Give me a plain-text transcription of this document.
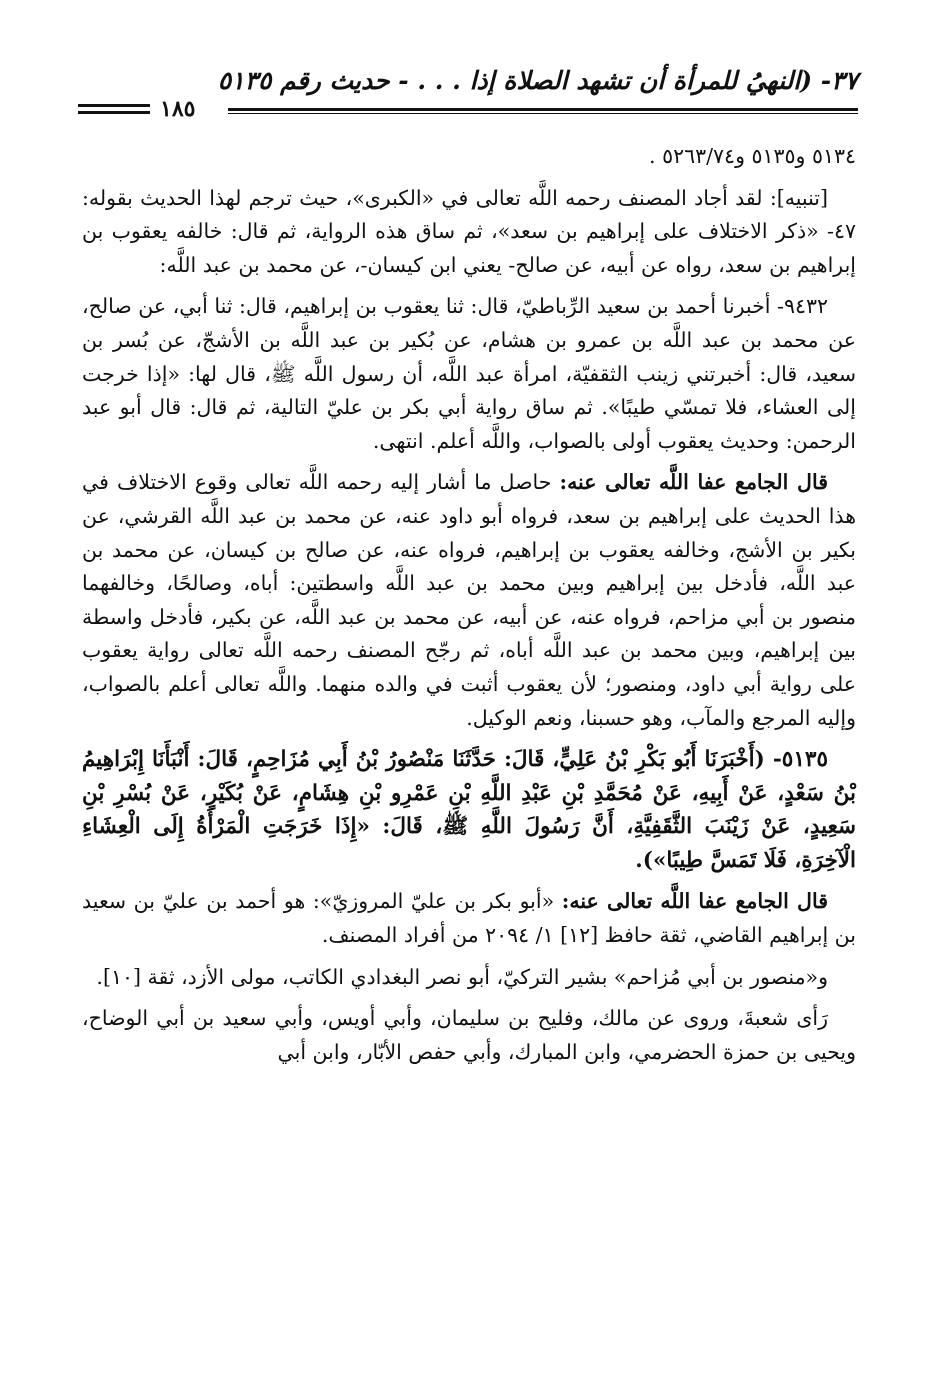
٣٧- (النهيُ للمرأة أن تشهد الصلاة إذا . . . - حديث رقم ٥١٣٥
١٨٥

٥١٣٤ و٥١٣٥ و٥٢٦٣/٧٤ .

[تنبيه]: لقد أجاد المصنف رحمه اللَّه تعالى في «الكبرى»، حيث ترجم لهذا الحديث بقوله: ٤٧- «ذكر الاختلاف على إبراهيم بن سعد»، ثم ساق هذه الرواية، ثم قال: خالفه يعقوب بن إبراهيم بن سعد، رواه عن أبيه، عن صالح- يعني ابن كيسان-، عن محمد بن عبد اللَّه:

٩٤٣٢- أخبرنا أحمد بن سعيد الرِّباطيّ، قال: ثنا يعقوب بن إبراهيم، قال: ثنا أبي، عن صالح، عن محمد بن عبد اللَّه بن عمرو بن هشام، عن بُكير بن عبد اللَّه بن الأشجّ، عن بُسر بن سعيد، قال: أخبرتني زينب الثقفيّة، امرأة عبد اللَّه، أن رسول اللَّه ﷺ، قال لها: «إذا خرجت إلى العشاء، فلا تمسّي طيبًا». ثم ساق رواية أبي بكر بن عليّ التالية، ثم قال: قال أبو عبد الرحمن: وحديث يعقوب أولى بالصواب، واللَّه أعلم. انتهى.

قال الجامع عفا اللَّه تعالى عنه: حاصل ما أشار إليه رحمه اللَّه تعالى وقوع الاختلاف في هذا الحديث على إبراهيم بن سعد، فرواه أبو داود عنه، عن محمد بن عبد اللَّه القرشي، عن بكير بن الأشج، وخالفه يعقوب بن إبراهيم، فرواه عنه، عن صالح بن كيسان، عن محمد بن عبد اللَّه، فأدخل بين إبراهيم وبين محمد بن عبد اللَّه واسطتين: أباه، وصالحًا، وخالفهما منصور بن أبي مزاحم، فرواه عنه، عن أبيه، عن محمد بن عبد اللَّه، عن بكير، فأدخل واسطة بين إبراهيم، وبين محمد بن عبد اللَّه أباه، ثم رجّح المصنف رحمه اللَّه تعالى رواية يعقوب على رواية أبي داود، ومنصور؛ لأن يعقوب أثبت في والده منهما. واللَّه تعالى أعلم بالصواب، وإليه المرجع والمآب، وهو حسبنا، ونعم الوكيل.

٥١٣٥- (أَخْبَرَنَا أَبُو بَكْرِ بْنُ عَلِيٍّ، قَالَ: حَدَّثَنَا مَنْصُورُ بْنُ أَبِي مُزَاحِمٍ، قَالَ: أَنْبَأَنَا إِبْرَاهِيمُ بْنُ سَعْدٍ، عَنْ أَبِيهِ، عَنْ مُحَمَّدِ بْنِ عَبْدِ اللَّهِ بْنِ عَمْرِو بْنِ هِشَامٍ، عَنْ بُكَيْرٍ، عَنْ بُسْرِ بْنِ سَعِيدٍ، عَنْ زَيْنَبَ الثَّقَفِيَّةِ، أَنَّ رَسُولَ اللَّهِ ﷺ، قَالَ: «إِذَا خَرَجَتِ الْمَرْأَةُ إِلَى الْعِشَاءِ الْآخِرَةِ، فَلَا تَمَسَّ طِيبًا»).

قال الجامع عفا اللَّه تعالى عنه: «أبو بكر بن عليّ المروزيّ»: هو أحمد بن عليّ بن سعيد بن إبراهيم القاضي، ثقة حافظ [١٢] ١/ ٢٠٩٤ من أفراد المصنف.

و«منصور بن أبي مُزاحم» بشير التركيّ، أبو نصر البغدادي الكاتب، مولى الأزد، ثقة [١٠].

رَأى شعبةَ، وروى عن مالك، وفليح بن سليمان، وأبي أويس، وأبي سعيد بن أبي الوضاح، ويحيى بن حمزة الحضرمي، وابن المبارك، وأبي حفص الأبّار، وابن أبي
